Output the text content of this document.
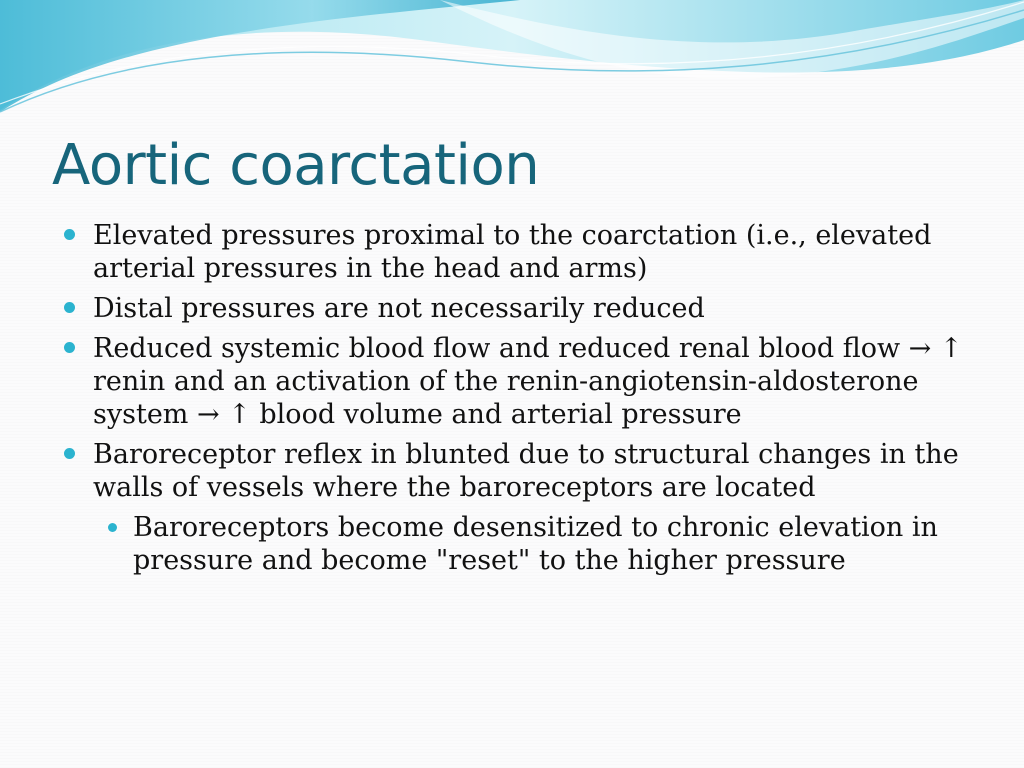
Aortic coarctation
Elevated pressures proximal to the coarctation (i.e., elevated arterial pressures in the head and arms)
Distal pressures are not necessarily reduced
Reduced systemic blood flow and reduced renal blood flow → ↑ renin and an activation of the renin-angiotensin-aldosterone system → ↑ blood volume and arterial pressure
Baroreceptor reflex in blunted due to structural changes in the walls of vessels where the baroreceptors are located
Baroreceptors become desensitized to chronic elevation in pressure and become "reset" to the higher pressure
